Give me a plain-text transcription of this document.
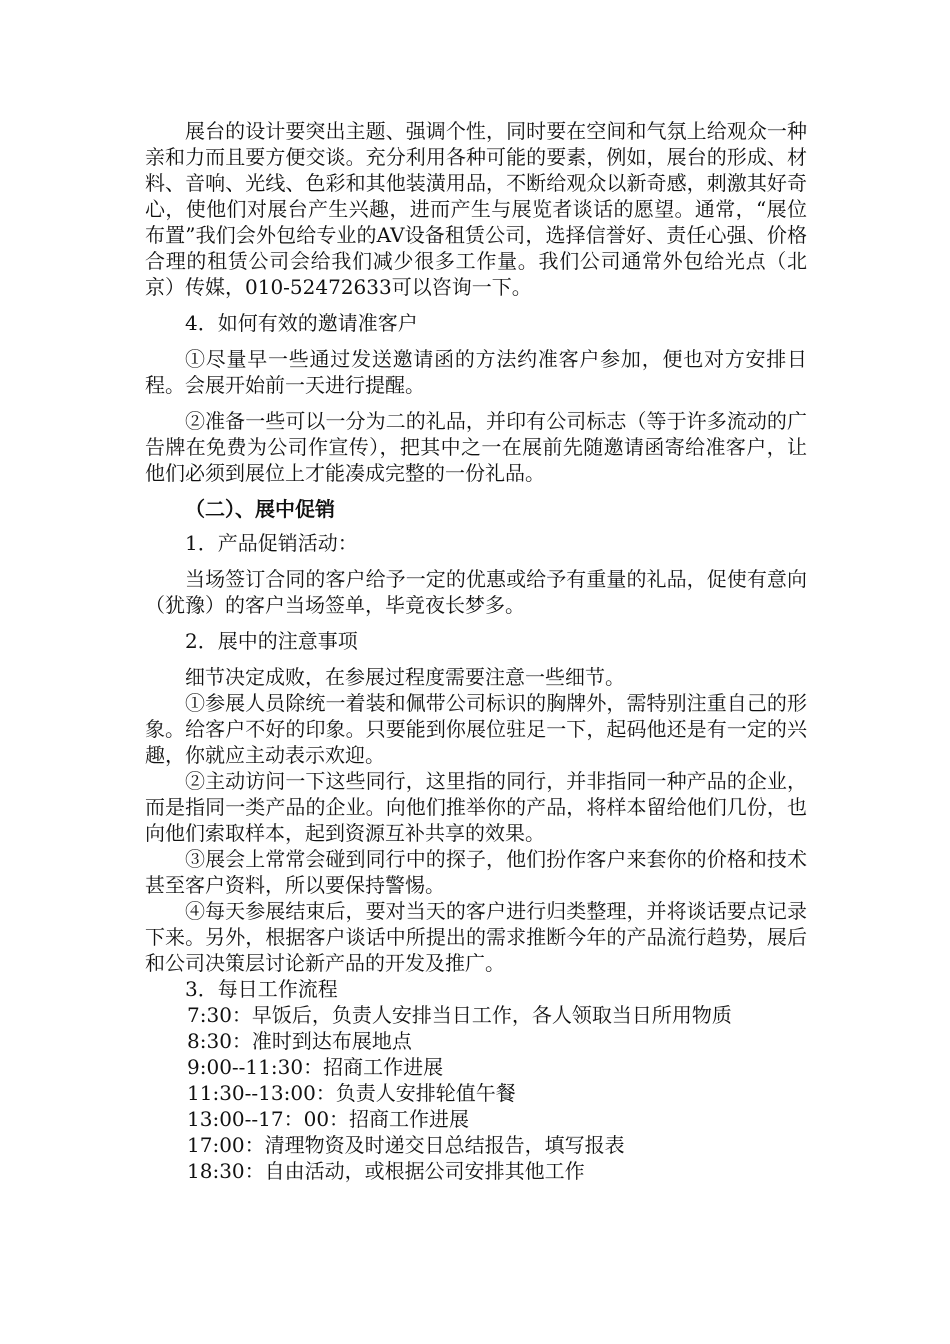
展台的设计要突出主题、强调个性，同时要在空间和气氛上给观众一种亲和力而且要方便交谈。充分利用各种可能的要素，例如，展台的形成、材料、音响、光线、色彩和其他装潢用品，不断给观众以新奇感，刺激其好奇心，使他们对展台产生兴趣，进而产生与展览者谈话的愿望。通常，“展位布置”我们会外包给专业的AV设备租赁公司，选择信誉好、责任心强、价格合理的租赁公司会给我们减少很多工作量。我们公司通常外包给光点（北京）传媒，010-52472633可以咨询一下。

4．如何有效的邀请准客户

①尽量早一些通过发送邀请函的方法约准客户参加，便也对方安排日程。会展开始前一天进行提醒。

②准备一些可以一分为二的礼品，并印有公司标志（等于许多流动的广告牌在免费为公司作宣传），把其中之一在展前先随邀请函寄给准客户，让他们必须到展位上才能凑成完整的一份礼品。

（二）、展中促销

1．产品促销活动：

当场签订合同的客户给予一定的优惠或给予有重量的礼品，促使有意向（犹豫）的客户当场签单，毕竟夜长梦多。

2．展中的注意事项

细节决定成败，在参展过程度需要注意一些细节。

①参展人员除统一着装和佩带公司标识的胸牌外，需特别注重自己的形象。给客户不好的印象。只要能到你展位驻足一下，起码他还是有一定的兴趣，你就应主动表示欢迎。

②主动访问一下这些同行，这里指的同行，并非指同一种产品的企业，而是指同一类产品的企业。向他们推举你的产品，将样本留给他们几份，也向他们索取样本，起到资源互补共享的效果。

③展会上常常会碰到同行中的探子，他们扮作客户来套你的价格和技术甚至客户资料，所以要保持警惕。

④每天参展结束后，要对当天的客户进行归类整理，并将谈话要点记录下来。另外，根据客户谈话中所提出的需求推断今年的产品流行趋势，展后和公司决策层讨论新产品的开发及推广。

3．每日工作流程

7:30：早饭后，负责人安排当日工作，各人领取当日所用物质

8:30：准时到达布展地点

9:00--11:30：招商工作进展

11:30--13:00：负责人安排轮值午餐

13:00--17：00：招商工作进展

17:00：清理物资及时递交日总结报告，填写报表

18:30：自由活动，或根据公司安排其他工作
